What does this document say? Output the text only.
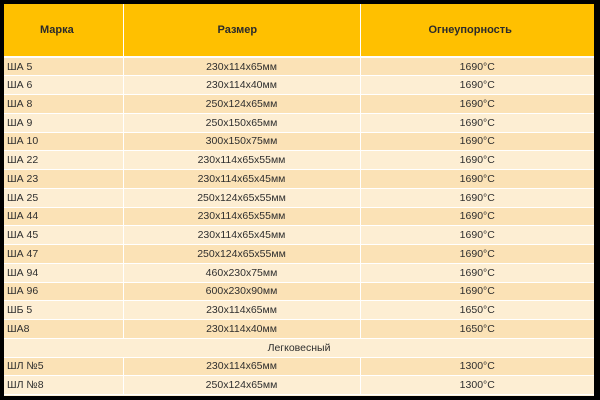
Марка	Размер	Огнеупорность
ША 5	230х114х65мм	1690°С
ША 6	230х114х40мм	1690°С
ША 8	250х124х65мм	1690°С
ША 9	250х150х65мм	1690°С
ША 10	300х150х75мм	1690°С
ША 22	230х114х65х55мм	1690°С
ША 23	230х114х65х45мм	1690°С
ША 25	250х124х65х55мм	1690°С
ША 44	230х114х65х55мм	1690°С
ША 45	230х114х65х45мм	1690°С
ША 47	250х124х65х55мм	1690°С
ША 94	460х230х75мм	1690°С
ША 96	600х230х90мм	1690°С
ШБ 5	230х114х65мм	1650°С
ША8	230х114х40мм	1650°С
Легковесный		
ШЛ №5	230х114х65мм	1300°С
ШЛ №8	250х124х65мм	1300°С
